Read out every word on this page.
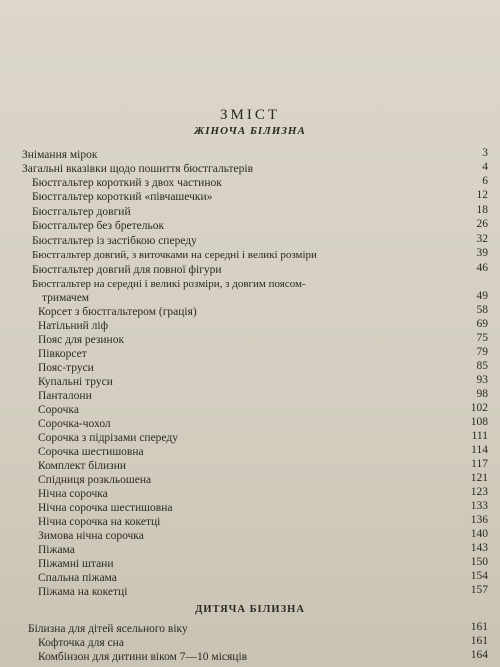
ЗМІСТ
ЖІНОЧА БІЛИЗНА
Знімання мірок	3
Загальні вказівки щодо пошиття бюстгальтерів	4
Бюстгальтер короткий з двох частинок	6
Бюстгальтер короткий «півчашечки»	12
Бюстгальтер довгий	18
Бюстгальтер без бретельок	26
Бюстгальтер із застібкою спереду	32
Бюстгальтер довгий, з виточками на середні і великі розміри	39
Бюстгальтер довгий для повної фігури	46
Бюстгальтер на середні і великі розміри, з довгим поясом-
тримачем	49
Корсет з бюстгальтером (грація)	58
Натільний ліф	69
Пояс для резинок	75
Півкорсет	79
Пояс-труси	85
Купальні труси	93
Панталони	98
Сорочка	102
Сорочка-чохол	108
Сорочка з підрізами спереду	111
Сорочка шестишовна	114
Комплект білизни	117
Спідниця розкльошена	121
Нічна сорочка	123
Нічна сорочка шестишовна	133
Нічна сорочка на кокетці	136
Зимова нічна сорочка	140
Піжама	143
Піжамні штани	150
Спальна піжама	154
Піжама на кокетці	157
ДИТЯЧА БІЛИЗНА
Білизна для дітей ясельного віку	161
Кофточка для сна	161
Комбінзон для дитини віком 7—10 місяців	164
